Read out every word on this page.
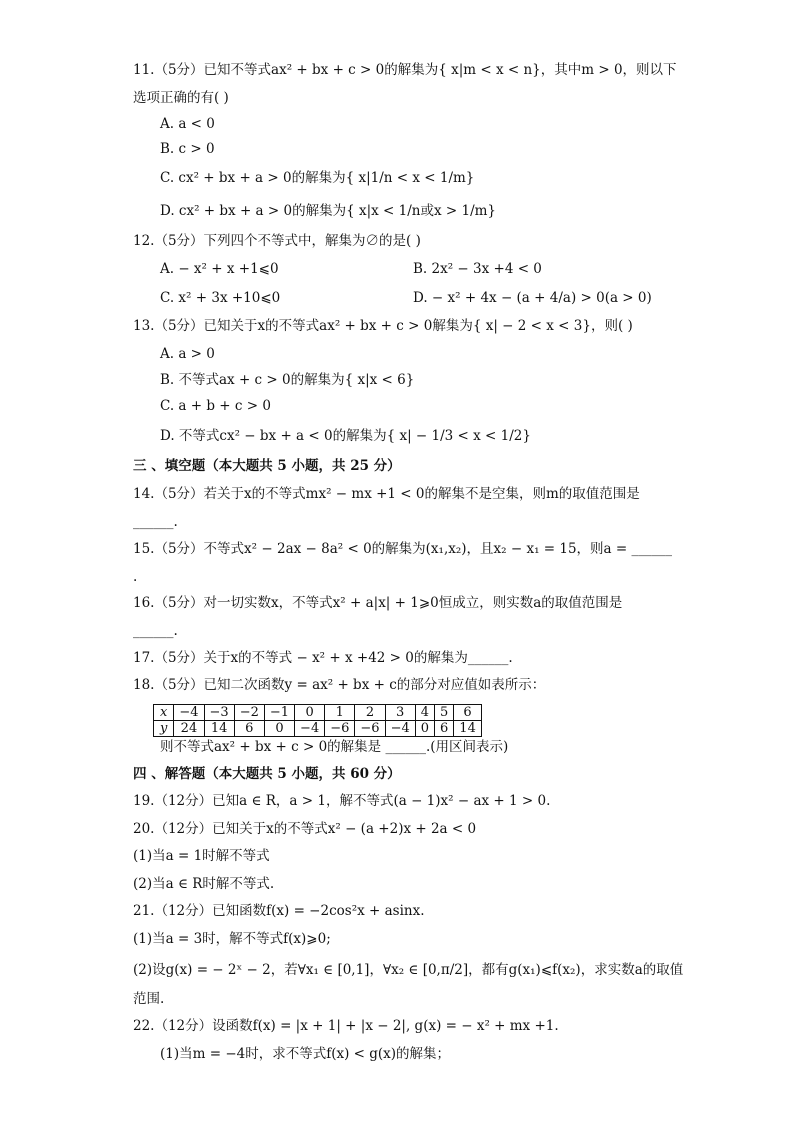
11.（5分）已知不等式ax² + bx + c > 0的解集为{ x|m < x < n}，其中m > 0，则以下
选项正确的有( )
A. a < 0
B. c > 0
C. cx² + bx + a > 0的解集为{ x|1/n < x < 1/m}
D. cx² + bx + a > 0的解集为{ x|x < 1/n或x > 1/m}
12.（5分）下列四个不等式中，解集为∅的是( )
A. − x² + x +1⩽0	B. 2x² − 3x +4 < 0
C. x² + 3x +10⩽0	D. − x² + 4x − (a + 4/a) > 0(a > 0)
13.（5分）已知关于x的不等式ax² + bx + c > 0解集为{ x| − 2 < x < 3}，则( )
A. a > 0
B. 不等式ax + c > 0的解集为{ x|x < 6}
C. a + b + c > 0
D. 不等式cx² − bx + a < 0的解集为{ x| − 1/3 < x < 1/2}
三 、填空题（本大题共 5 小题，共 25 分）
14.（5分）若关于x的不等式mx² − mx +1 < 0的解集不是空集，则m的取值范围是
______.
15.（5分）不等式x² − 2ax − 8a² < 0的解集为(x₁,x₂)，且x₂ − x₁ = 15，则a = ______
.
16.（5分）对一切实数x，不等式x² + a|x| + 1⩾0恒成立，则实数a的取值范围是
______.
17.（5分）关于x的不等式 − x² + x +42 > 0的解集为______.
18.（5分）已知二次函数y = ax² + bx + c的部分对应值如表所示：
x	−4	−3	−2	−1	0	1	2	3	4	5	6
y	24	14	6	0	−4	−6	−6	−4	0	6	14
则不等式ax² + bx + c > 0的解集是 ______.(用区间表示)
四 、解答题（本大题共 5 小题，共 60 分）
19.（12分）已知a ∈ R，a > 1，解不等式(a − 1)x² − ax + 1 > 0.
20.（12分）已知关于x的不等式x² − (a +2)x + 2a < 0
(1)当a = 1时解不等式
(2)当a ∈ R时解不等式.
21.（12分）已知函数f(x) = −2cos²x + asinx.
(1)当a = 3时，解不等式f(x)⩾0;
(2)设g(x) = − 2ˣ − 2，若∀x₁ ∈ [0,1]，∀x₂ ∈ [0,π/2]，都有g(x₁)⩽f(x₂)，求实数a的取值
范围.
22.（12分）设函数f(x) = |x + 1| + |x − 2|, g(x) = − x² + mx +1.
(1)当m = −4时，求不等式f(x) < g(x)的解集；
